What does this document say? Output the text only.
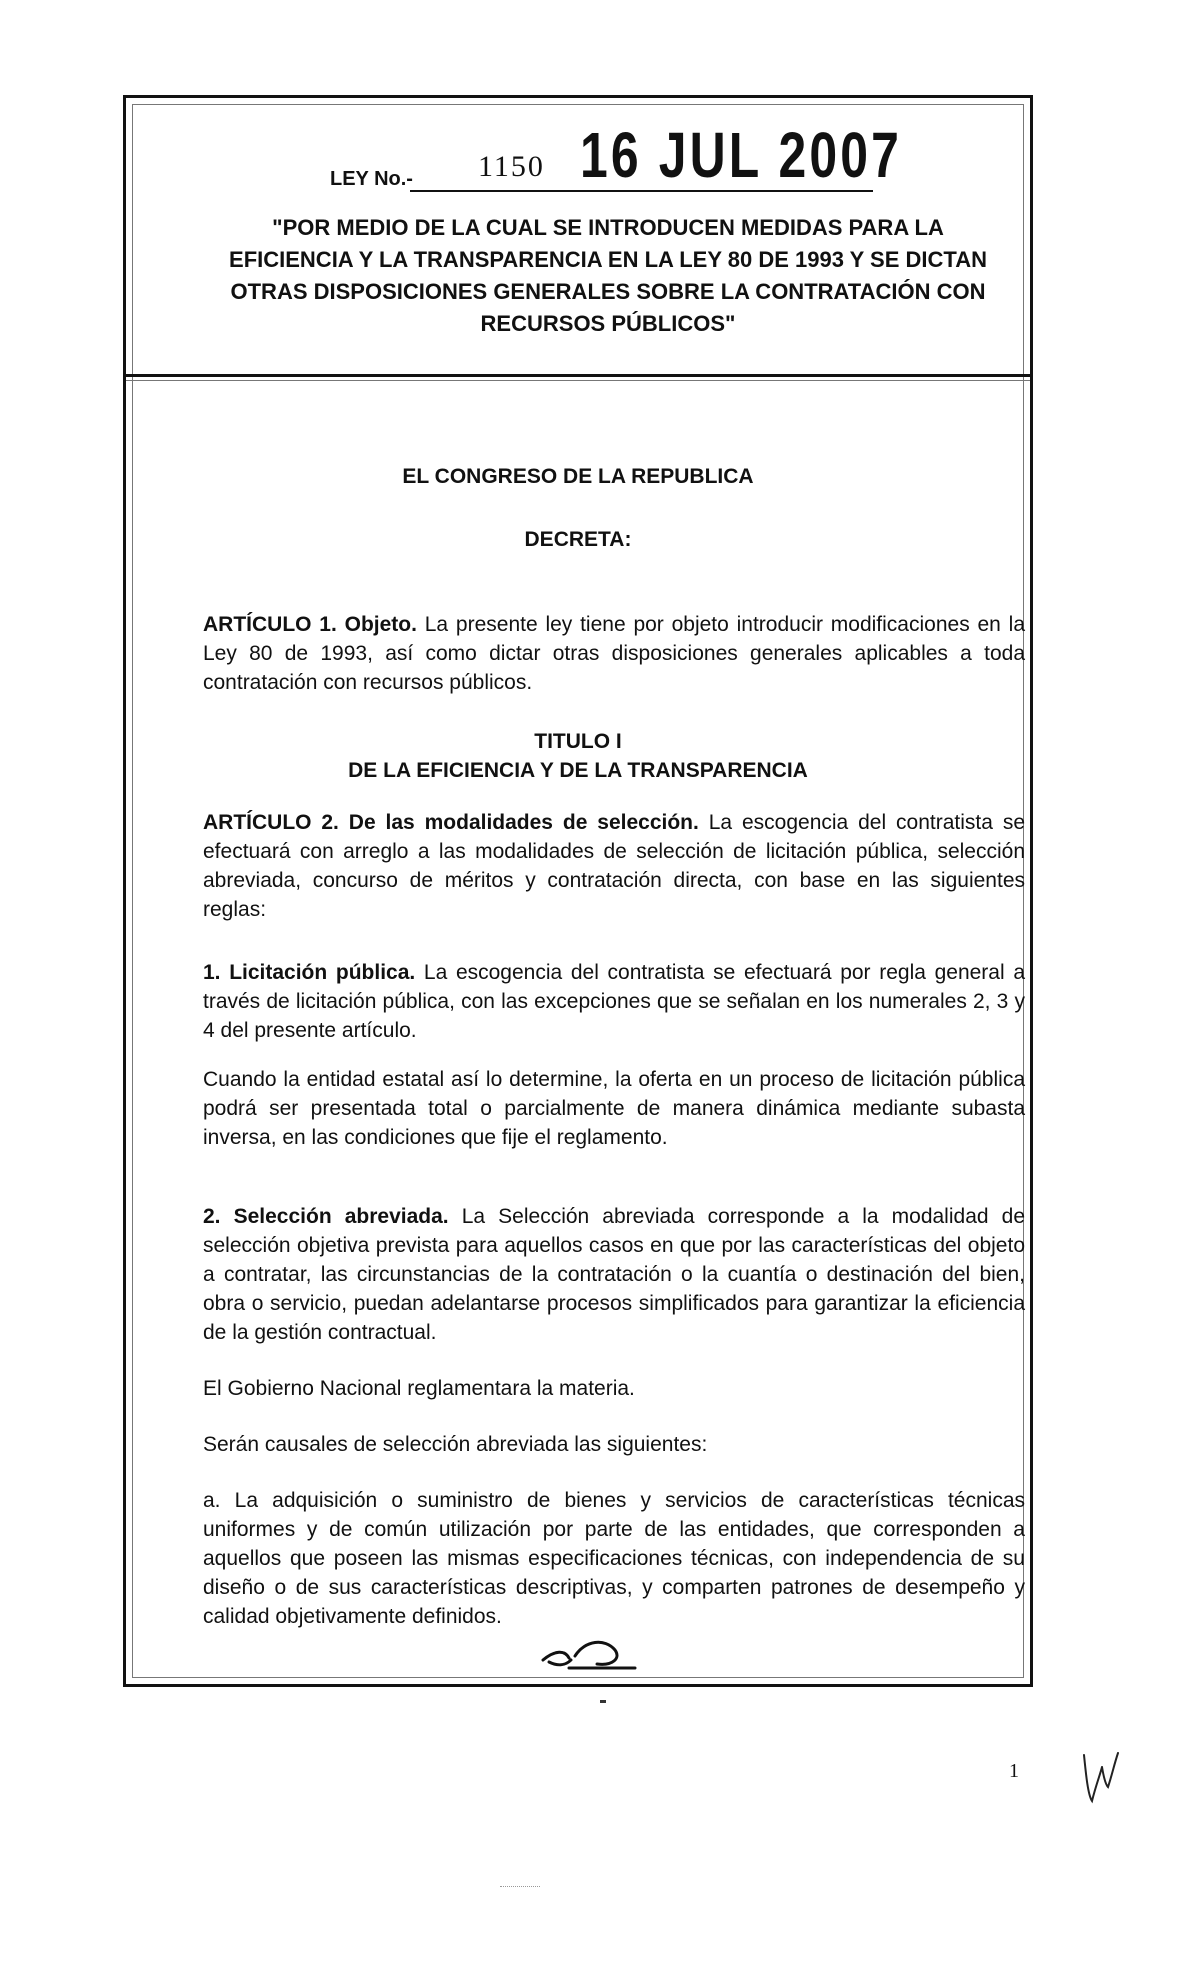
LEY No.- 1150 16 JUL 2007
"POR MEDIO DE LA CUAL SE INTRODUCEN MEDIDAS PARA LA EFICIENCIA Y LA TRANSPARENCIA EN LA LEY 80 DE 1993 Y SE DICTAN OTRAS DISPOSICIONES GENERALES SOBRE LA CONTRATACIÓN CON RECURSOS PÚBLICOS"
EL CONGRESO DE LA REPUBLICA
DECRETA:
ARTÍCULO 1. Objeto. La presente ley tiene por objeto introducir modificaciones en la Ley 80 de 1993, así como dictar otras disposiciones generales aplicables a toda contratación con recursos públicos.
TITULO I
DE LA EFICIENCIA Y DE LA TRANSPARENCIA
ARTÍCULO 2. De las modalidades de selección. La escogencia del contratista se efectuará con arreglo a las modalidades de selección de licitación pública, selección abreviada, concurso de méritos y contratación directa, con base en las siguientes reglas:
1. Licitación pública. La escogencia del contratista se efectuará por regla general a través de licitación pública, con las excepciones que se señalan en los numerales 2, 3 y 4 del presente artículo.
Cuando la entidad estatal así lo determine, la oferta en un proceso de licitación pública podrá ser presentada total o parcialmente de manera dinámica mediante subasta inversa, en las condiciones que fije el reglamento.
2. Selección abreviada. La Selección abreviada corresponde a la modalidad de selección objetiva prevista para aquellos casos en que por las características del objeto a contratar, las circunstancias de la contratación o la cuantía o destinación del bien, obra o servicio, puedan adelantarse procesos simplificados para garantizar la eficiencia de la gestión contractual.
El Gobierno Nacional reglamentara la materia.
Serán causales de selección abreviada las siguientes:
a. La adquisición o suministro de bienes y servicios de características técnicas uniformes y de común utilización por parte de las entidades, que corresponden a aquellos que poseen las mismas especificaciones técnicas, con independencia de su diseño o de sus características descriptivas, y comparten patrones de desempeño y calidad objetivamente definidos.
1
